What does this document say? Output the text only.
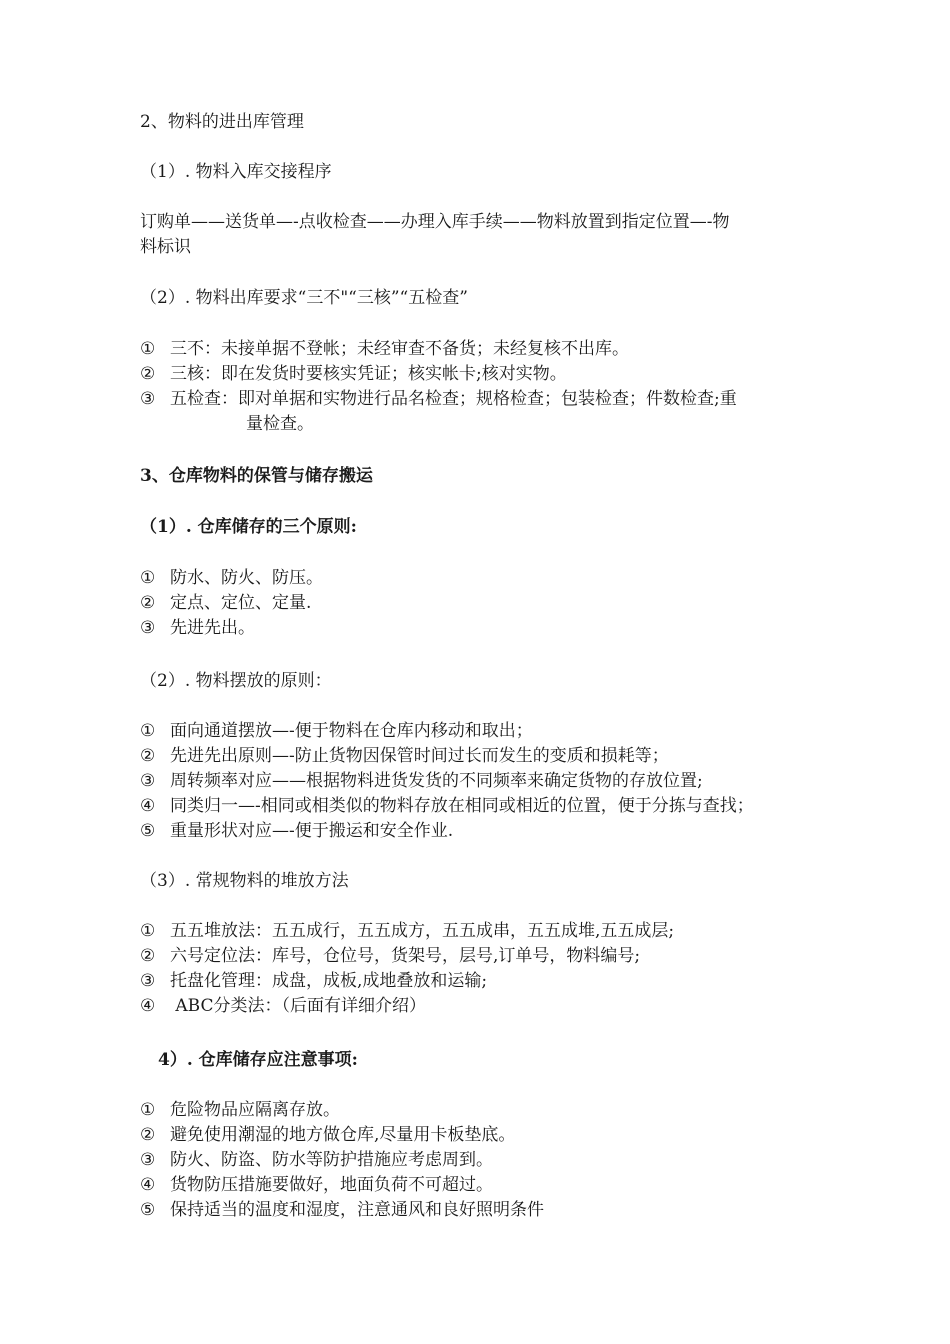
2、物料的进出库管理
（1）. 物料入库交接程序
订购单——送货单—-点收检查——办理入库手续——物料放置到指定位置—-物
料标识
（2）. 物料出库要求“三不"“三核”“五检查”
① 三不：未接单据不登帐；未经审查不备货；未经复核不出库。
② 三核：即在发货时要核实凭证；核实帐卡;核对实物。
③ 五检查：即对单据和实物进行品名检查；规格检查；包装检查；件数检查;重
量检查。
3、仓库物料的保管与储存搬运
（1）. 仓库储存的三个原则:
① 防水、防火、防压。
② 定点、定位、定量.
③ 先进先出。
（2）. 物料摆放的原则：
① 面向通道摆放—-便于物料在仓库内移动和取出；
② 先进先出原则—-防止货物因保管时间过长而发生的变质和损耗等；
③ 周转频率对应——根据物料进货发货的不同频率来确定货物的存放位置;
④ 同类归一—-相同或相类似的物料存放在相同或相近的位置，便于分拣与查找；
⑤ 重量形状对应—-便于搬运和安全作业.
（3）. 常规物料的堆放方法
① 五五堆放法：五五成行，五五成方，五五成串，五五成堆,五五成层;
② 六号定位法：库号，仓位号，货架号，层号,订单号，物料编号;
③ 托盘化管理：成盘，成板,成地叠放和运输;
④ ABC分类法：（后面有详细介绍）
4）. 仓库储存应注意事项:
① 危险物品应隔离存放。
② 避免使用潮湿的地方做仓库,尽量用卡板垫底。
③ 防火、防盗、防水等防护措施应考虑周到。
④ 货物防压措施要做好，地面负荷不可超过。
⑤ 保持适当的温度和湿度，注意通风和良好照明条件
